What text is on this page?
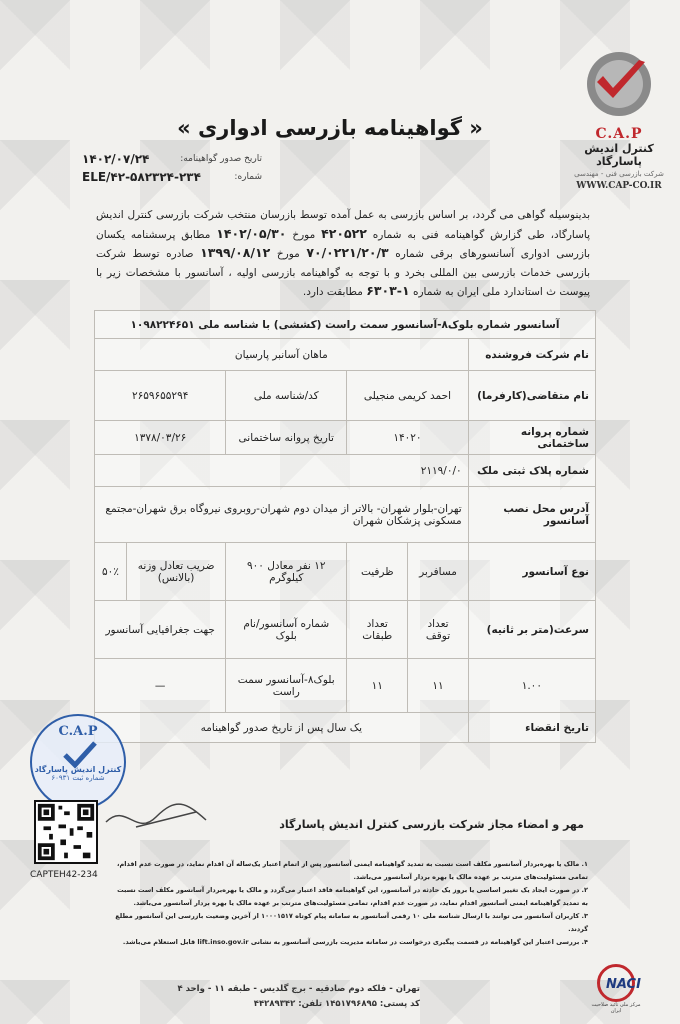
C.A.P
کنترل اندیش پاسارگاد
شرکت بازرسی فنی - مهندسی
WWW.CAP-CO.IR
« گواهینامه بازرسی ادواری »
تاریخ صدور گواهینامه:
۱۴۰۲/۰۷/۲۴
شماره:
ELE/۴۲-۵۸۲۳۲۴-۲۳۴
بدینوسیله گواهی می گردد، بر اساس بازرسی به عمل آمده توسط بازرسان منتخب شرکت بازرسی کنترل اندیش پاسارگاد، طی گزارش گواهینامه فنی به شماره ۴۲۰۵۲۲ مورخ ۱۴۰۲/۰۵/۳۰ مطابق پرسشنامه یکسان بازرسی ادواری آسانسورهای برقی شماره ۷۰/۰۲۲۱/۲۰/۳ مورخ ۱۳۹۹/۰۸/۱۲ صادره توسط شرکت بازرسی خدمات بازرسی بین المللی بخرد و با توجه به گواهینامه بازرسی اولیه ، آسانسور با مشخصات زیر با پیوست ث استاندارد ملی ایران به شماره ۱-۶۳۰۳ مطابقت دارد.
آسانسور شماره بلوک۸-آسانسور سمت راست (کششی) با شناسه ملی ۱۰۹۸۲۲۴۶۵۱					
نام شرکت فروشنده	ماهان آسانبر پارسیان				
نام متقاضی(کارفرما)	احمد کریمی منجیلی		کد/شناسه ملی	۲۶۵۹۶۵۵۲۹۴	
شماره پروانه ساختمانی	۱۴۰۲۰		تاریخ پروانه ساختمانی	۱۳۷۸/۰۳/۲۶	
شماره پلاک ثبتی ملک	۲۱۱۹/۰/۰				
آدرس محل نصب آسانسور	تهران-بلوار شهران- بالاتر از میدان دوم شهران-روبروی نیروگاه برق شهران-مجتمع مسکونی پزشکان شهران				
نوع آسانسور	مسافربر	ظرفیت	۱۲ نفر معادل ۹۰۰ کیلوگرم	ضریب تعادل وزنه (بالانس)	۵۰٪
سرعت(متر بر ثانیه)	تعداد توقف	تعداد طبقات	شماره آسانسور/نام بلوک	جهت جغرافیایی آسانسور	
۱.۰۰	۱۱	۱۱	بلوک۸-آسانسور سمت راست	—	
تاریخ انقضاء	یک سال پس از تاریخ صدور گواهینامه				
C.A.P
کنترل اندیش پاسارگاد
شماره ثبت ۶۰۹۳۱
مهر و امضاء مجاز شرکت بازرسی کنترل اندیش پاسارگاد
CAPTEH42-234
۱. مالک یا بهره‌بردار آسانسور مکلف است نسبت به تمدید گواهینامه ایمنی آسانسور پس از اتمام اعتبار یک‌ساله آن اقدام نماید، در صورت عدم اقدام، تمامی مسئولیت‌های مترتب بر عهده مالک یا بهره بردار آسانسور می‌باشد.
۲. در صورت ایجاد یک تغییر اساسی یا بروز یک حادثه در آسانسور، این گواهینامه فاقد اعتبار می‌گردد و مالک یا بهره‌بردار آسانسور مکلف است نسبت به تمدید گواهینامه ایمنی آسانسور اقدام نماید، در صورت عدم اقدام، تمامی مسئولیت‌های مترتب بر عهده مالک یا بهره بردار آسانسور می‌باشد.
۳. کاربران آسانسور می توانند با ارسال شناسه ملی ۱۰ رقمی آسانسور به سامانه پیام کوتاه ۱۰۰۰۱۵۱۷ از آخرین وضعیت بازرسی این آسانسور مطلع گردند.
۴. بررسی اعتبار این گواهینامه در قسمت پیگیری درخواست در سامانه مدیریت بازرسی آسانسور به نشانی lift.inso.gov.ir قابل استعلام می‌باشد.
تهران - فلکه دوم صادقیه - برج گلدیس - طبقه ۱۱ - واحد ۴
کد پستی: ۱۴۵۱۷۹۶۸۹۵ تلفن: ۴۴۲۸۹۳۴۲
NACI
مرکز ملی تائید صلاحیت ایران
